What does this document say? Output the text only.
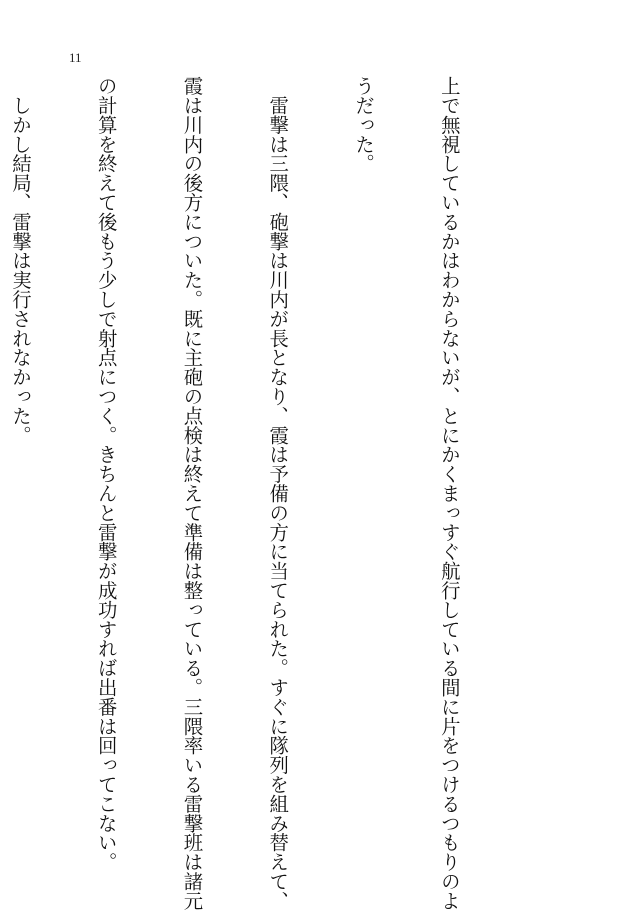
11

上で無視しているかはわからないが、とにかくまっすぐ航行している間に片をつけるつもりのよ

うだった。

　雷撃は三隈、砲撃は川内が長となり、霞は予備の方に当てられた。すぐに隊列を組み替えて、

霞は川内の後方についた。既に主砲の点検は終えて準備は整っている。三隈率いる雷撃班は諸元

の計算を終えて後もう少しで射点につく。きちんと雷撃が成功すれば出番は回ってこない。

　しかし結局、雷撃は実行されなかった。
